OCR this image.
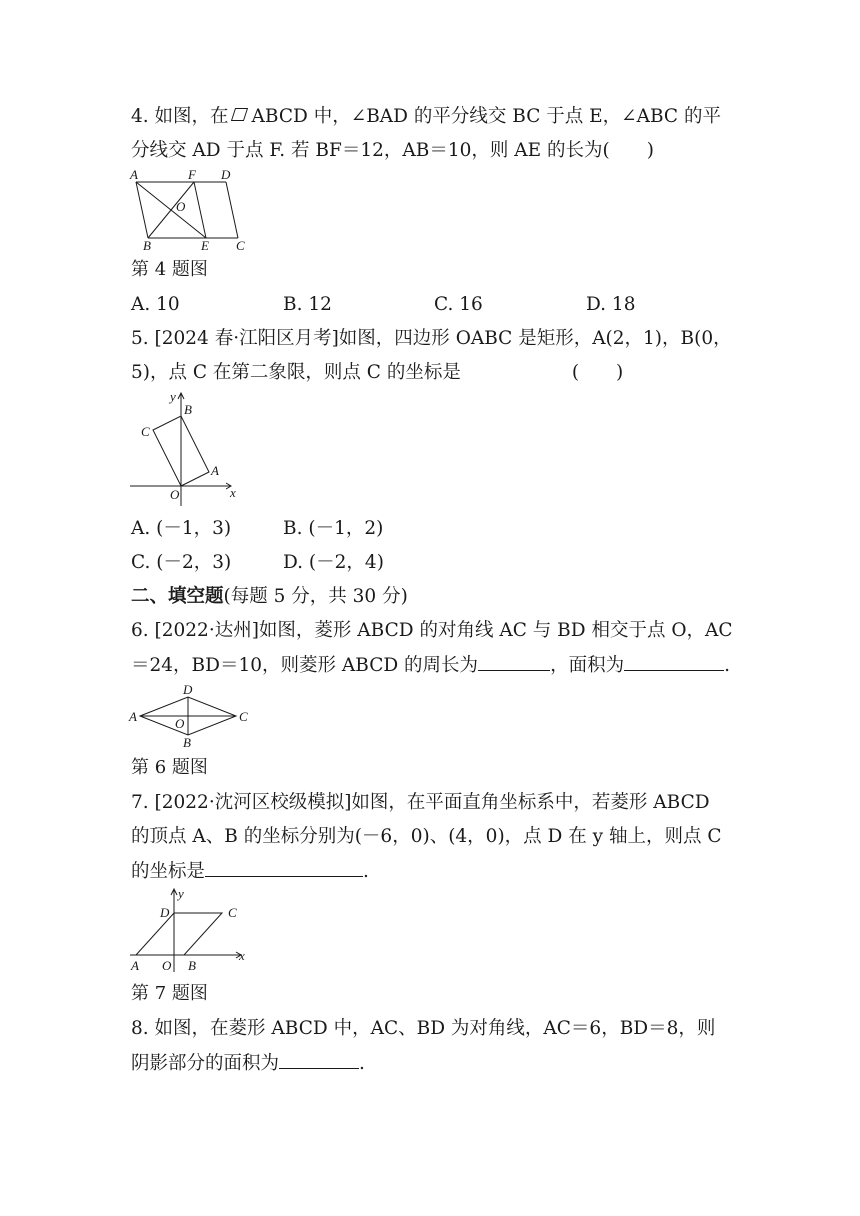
4. 如图，在 ABCD 中，∠BAD 的平分线交 BC 于点 E，∠ABC 的平
分线交 AD 于点 F. 若 BF＝12，AB＝10，则 AE 的长为(　　)
A	F D
O
B	E C
第 4 题图
A. 10	B. 12	C. 16	D. 18
5. [2024 春·江阳区月考]如图，四边形 OABC 是矩形，A(2，1)，B(0，
5)，点 C 在第二象限，则点 C 的坐标是　　　　　　(　　)
y
B
C
A
O	x
A. (－1，3)	B. (－1，2)
C. (－2，3)	D. (－2，4)
二、填空题(每题 5 分，共 30 分)
6. [2022·达州]如图，菱形 ABCD 的对角线 AC 与 BD 相交于点 O，AC
＝24，BD＝10，则菱形 ABCD 的周长为	，面积为	.
A
D
C
B
O
第 6 题图
7. [2022·沈河区校级模拟]如图，在平面直角坐标系中，若菱形 ABCD
的顶点 A、B 的坐标分别为(－6，0)、(4，0)，点 D 在 y 轴上，则点 C
的坐标是	.
y
D	C
A O B
x
第 7 题图
8. 如图，在菱形 ABCD 中，AC、BD 为对角线，AC＝6，BD＝8，则
阴影部分的面积为	.
